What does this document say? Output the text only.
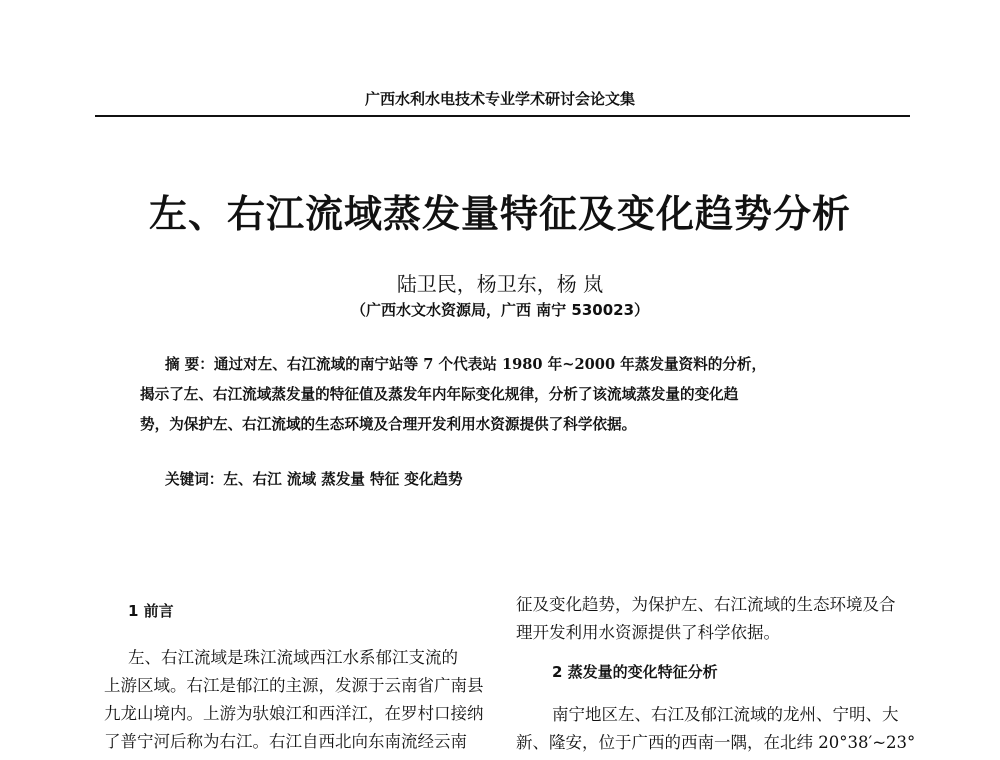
广西水利水电技术专业学术研讨会论文集
左、右江流域蒸发量特征及变化趋势分析
陆卫民，杨卫东，杨 岚
（广西水文水资源局，广西 南宁 530023）
摘 要：通过对左、右江流域的南宁站等 7 个代表站 1980 年~2000 年蒸发量资料的分析，
揭示了左、右江流域蒸发量的特征值及蒸发年内年际变化规律，分析了该流域蒸发量的变化趋
势，为保护左、右江流域的生态环境及合理开发利用水资源提供了科学依据。
关键词：左、右江 流域 蒸发量 特征 变化趋势
1 前言
左、右江流域是珠江流域西江水系郁江支流的
上游区域。右江是郁江的主源，发源于云南省广南县
九龙山境内。上游为驮娘江和西洋江，在罗村口接纳
了普宁河后称为右江。右江自西北向东南流经云南
征及变化趋势，为保护左、右江流域的生态环境及合
理开发利用水资源提供了科学依据。
2 蒸发量的变化特征分析
南宁地区左、右江及郁江流域的龙州、宁明、大
新、隆安，位于广西的西南一隅，在北纬 20°38′~23°
